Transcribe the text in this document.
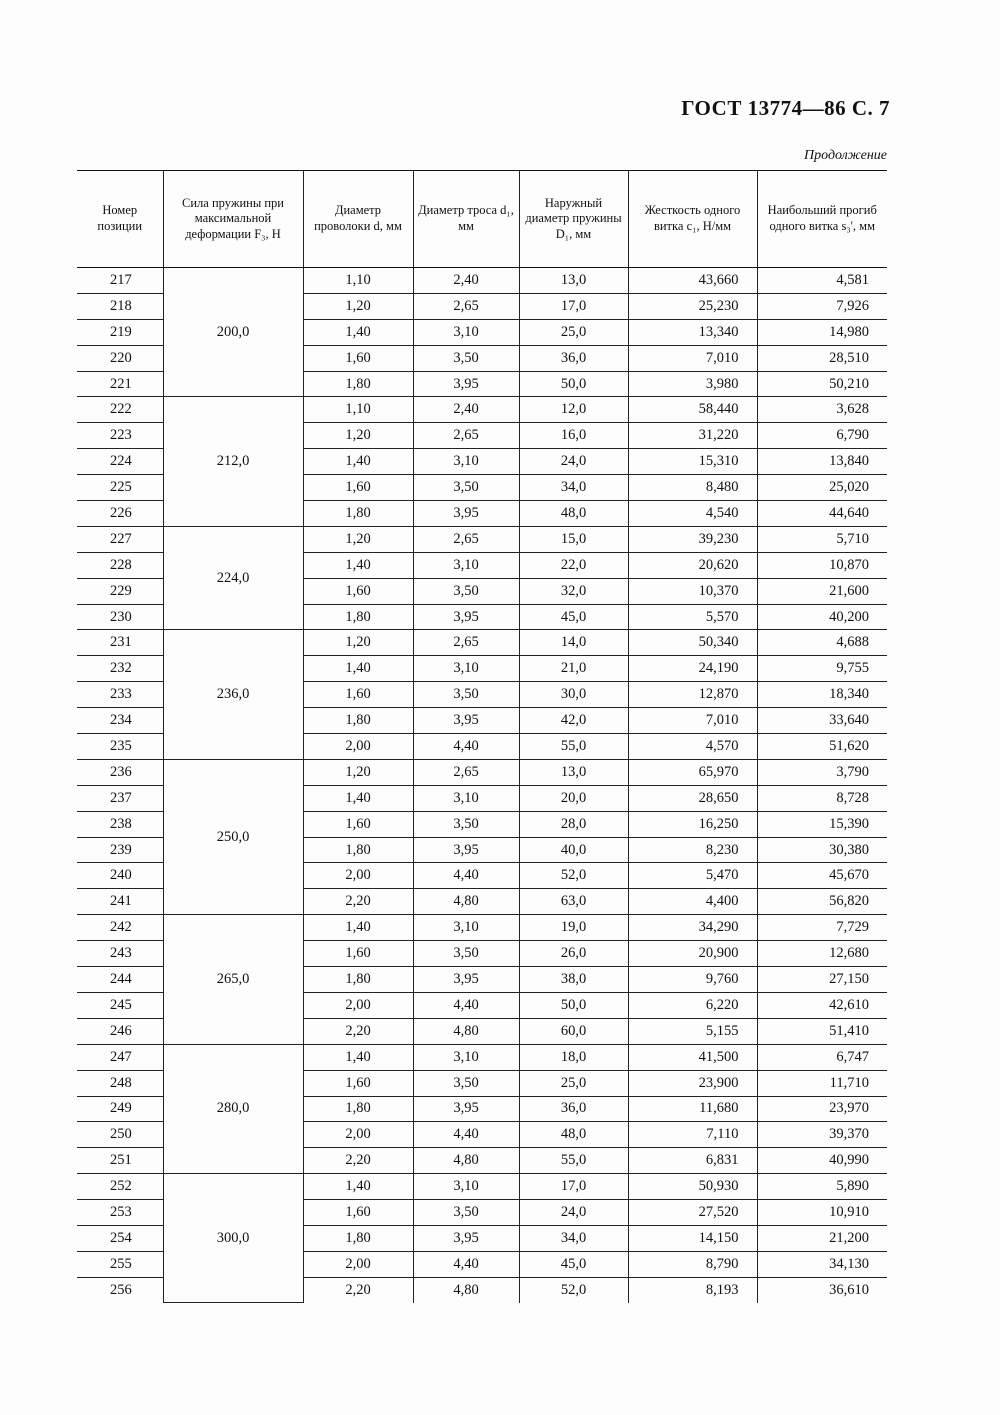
ГОСТ 13774—86 С. 7
Продолжение
Номер позиции	Сила пружины при максимальной деформации F₃, Н	Диаметр проволоки d, мм	Диаметр троса d₁, мм	Наружный диаметр пружины D₁, мм	Жесткость одного витка c₁, Н/мм	Наибольший прогиб одного витка s₃', мм
217	200,0	1,10	2,40	13,0	43,660	4,581
218		1,20	2,65	17,0	25,230	7,926
219		1,40	3,10	25,0	13,340	14,980
220		1,60	3,50	36,0	7,010	28,510
221		1,80	3,95	50,0	3,980	50,210
222	212,0	1,10	2,40	12,0	58,440	3,628
223		1,20	2,65	16,0	31,220	6,790
224		1,40	3,10	24,0	15,310	13,840
225		1,60	3,50	34,0	8,480	25,020
226		1,80	3,95	48,0	4,540	44,640
227	224,0	1,20	2,65	15,0	39,230	5,710
228		1,40	3,10	22,0	20,620	10,870
229		1,60	3,50	32,0	10,370	21,600
230		1,80	3,95	45,0	5,570	40,200
231	236,0	1,20	2,65	14,0	50,340	4,688
232		1,40	3,10	21,0	24,190	9,755
233		1,60	3,50	30,0	12,870	18,340
234		1,80	3,95	42,0	7,010	33,640
235		2,00	4,40	55,0	4,570	51,620
236	250,0	1,20	2,65	13,0	65,970	3,790
237		1,40	3,10	20,0	28,650	8,728
238		1,60	3,50	28,0	16,250	15,390
239		1,80	3,95	40,0	8,230	30,380
240		2,00	4,40	52,0	5,470	45,670
241		2,20	4,80	63,0	4,400	56,820
242	265,0	1,40	3,10	19,0	34,290	7,729
243		1,60	3,50	26,0	20,900	12,680
244		1,80	3,95	38,0	9,760	27,150
245		2,00	4,40	50,0	6,220	42,610
246		2,20	4,80	60,0	5,155	51,410
247	280,0	1,40	3,10	18,0	41,500	6,747
248		1,60	3,50	25,0	23,900	11,710
249		1,80	3,95	36,0	11,680	23,970
250		2,00	4,40	48,0	7,110	39,370
251		2,20	4,80	55,0	6,831	40,990
252	300,0	1,40	3,10	17,0	50,930	5,890
253		1,60	3,50	24,0	27,520	10,910
254		1,80	3,95	34,0	14,150	21,200
255		2,00	4,40	45,0	8,790	34,130
256		2,20	4,80	52,0	8,193	36,610
